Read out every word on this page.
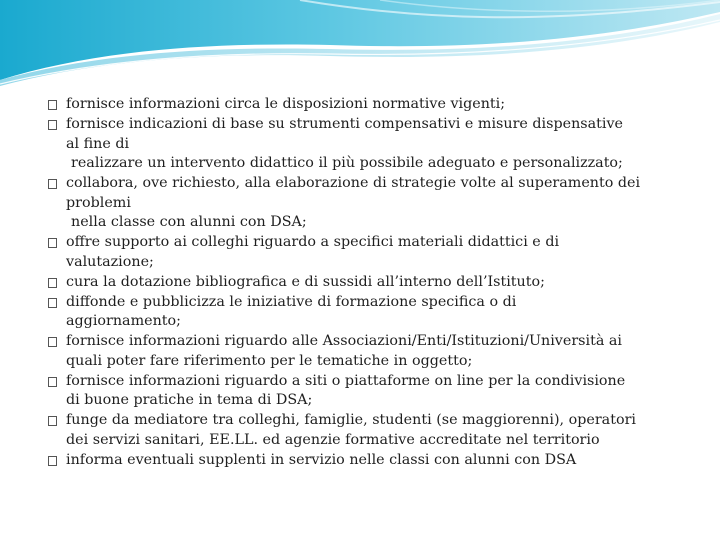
fornisce informazioni circa le disposizioni normative vigenti;
fornisce indicazioni di base su strumenti compensativi e misure dispensative
al fine di
realizzare un intervento didattico il più possibile adeguato e personalizzato;
collabora, ove richiesto, alla elaborazione di strategie volte al superamento dei
problemi
nella classe con alunni con DSA;
offre supporto ai colleghi riguardo a specifici materiali didattici e di
valutazione;
cura la dotazione bibliografica e di sussidi all’interno dell’Istituto;
diffonde e pubblicizza le iniziative di formazione specifica o di
aggiornamento;
fornisce informazioni riguardo alle Associazioni/Enti/Istituzioni/Università ai
quali poter fare riferimento per le tematiche in oggetto;
fornisce informazioni riguardo a siti o piattaforme on line per la condivisione
di buone pratiche in tema di DSA;
funge da mediatore tra colleghi, famiglie, studenti (se maggiorenni), operatori
dei servizi sanitari, EE.LL. ed agenzie formative accreditate nel territorio
informa eventuali supplenti in servizio nelle classi con alunni con DSA
